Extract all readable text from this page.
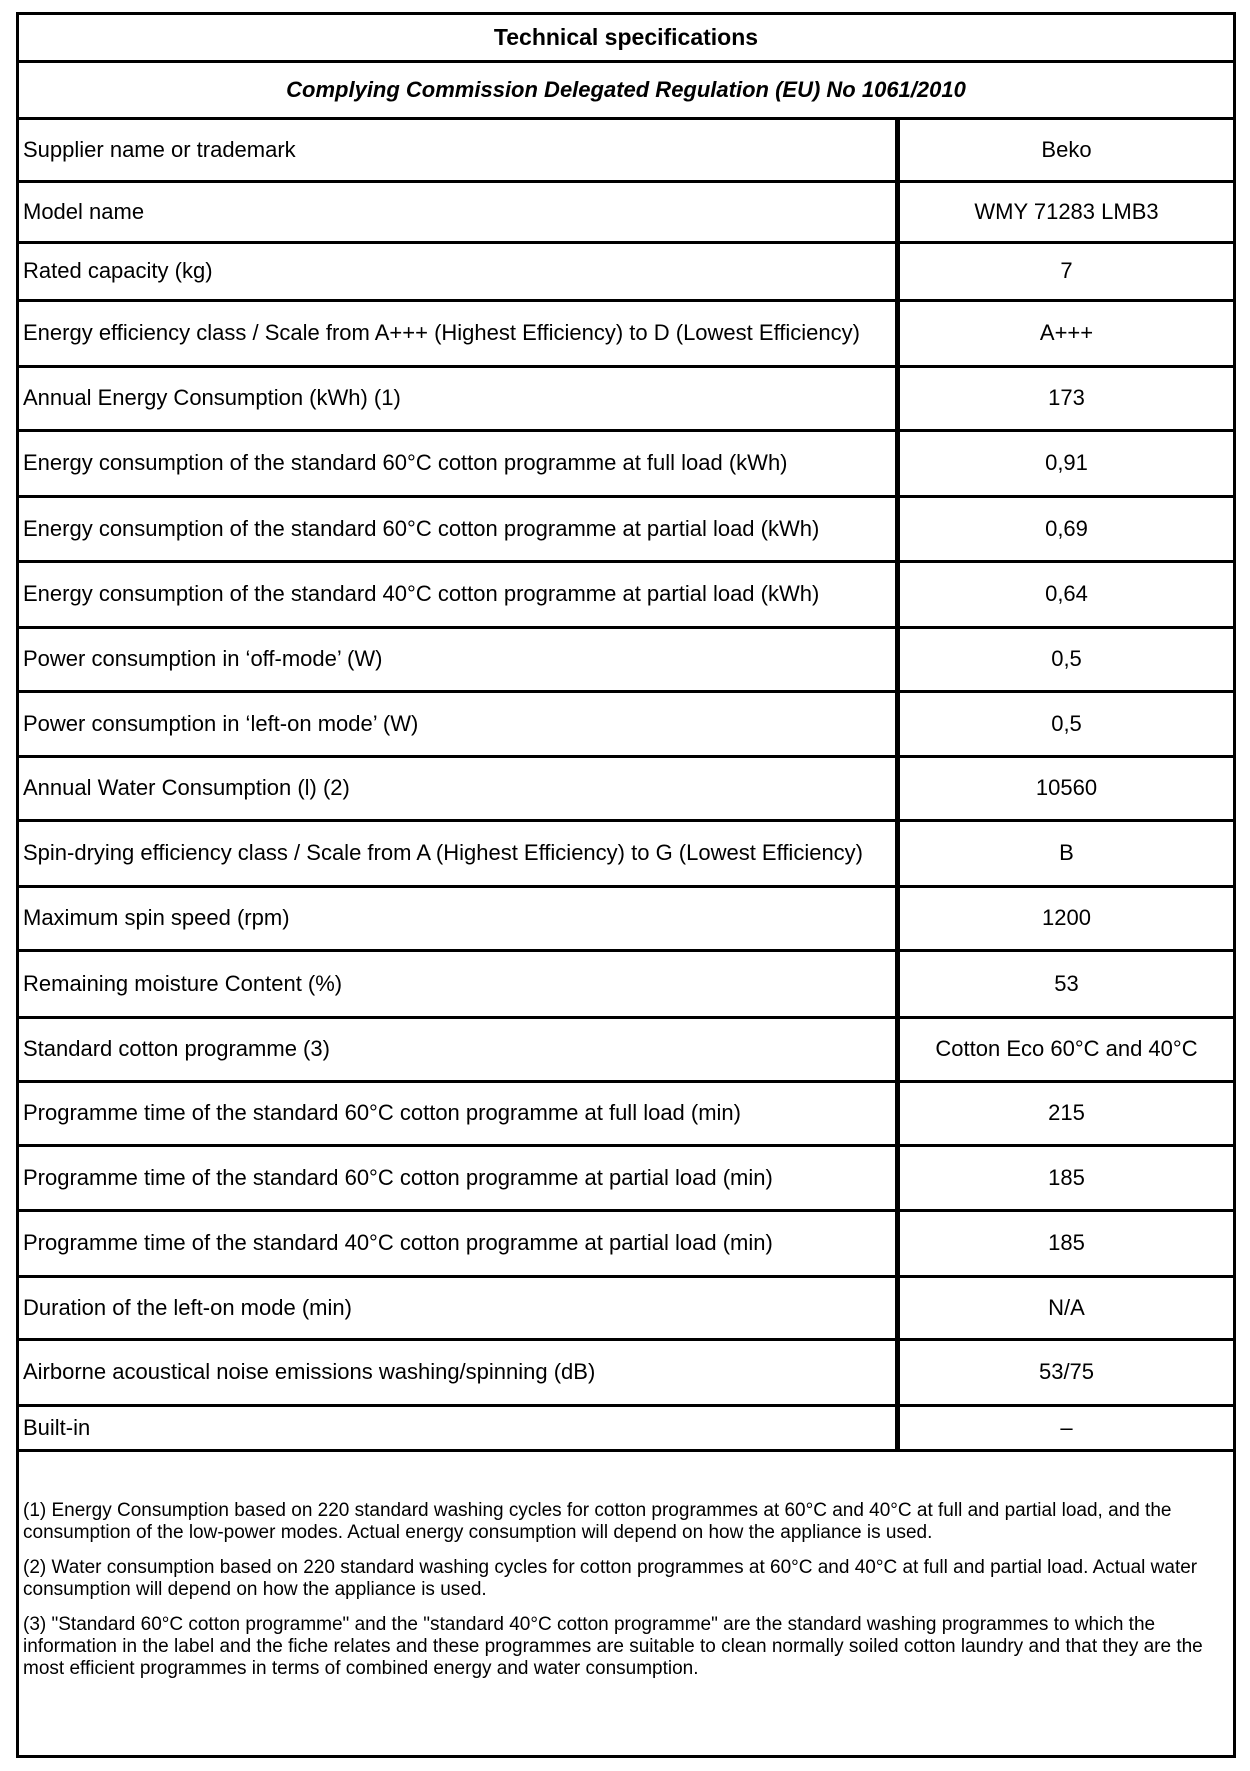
Technical specifications
Complying Commission Delegated Regulation (EU) No 1061/2010
Supplier name or trademark	Beko
Model name	WMY 71283 LMB3
Rated capacity (kg)	7
Energy efficiency class / Scale from A+++ (Highest Efficiency) to D (Lowest Efficiency)	A+++
Annual Energy Consumption (kWh) (1)	173
Energy consumption of the standard 60°C cotton programme at full load (kWh)	0,91
Energy consumption of the standard 60°C cotton programme at partial load (kWh)	0,69
Energy consumption of the standard 40°C cotton programme at partial load (kWh)	0,64
Power consumption in ‘off-mode’ (W)	0,5
Power consumption in ‘left-on mode’ (W)	0,5
Annual Water Consumption (l) (2)	10560
Spin-drying efficiency class / Scale from A (Highest Efficiency) to G (Lowest Efficiency)	B
Maximum spin speed (rpm)	1200
Remaining moisture Content (%)	53
Standard cotton programme (3)	Cotton Eco 60°C and 40°C
Programme time of the standard 60°C cotton programme at full load (min)	215
Programme time of the standard 60°C cotton programme at partial load (min)	185
Programme time of the standard 40°C cotton programme at partial load (min)	185
Duration of the left-on mode (min)	N/A
Airborne acoustical noise emissions washing/spinning (dB)	53/75
Built-in	–

(1) Energy Consumption based on 220 standard washing cycles for cotton programmes at 60°C and 40°C at full and partial load, and the consumption of the low-power modes. Actual energy consumption will depend on how the appliance is used.

(2) Water consumption based on 220 standard washing cycles for cotton programmes at 60°C and 40°C at full and partial load. Actual water consumption will depend on how the appliance is used.

(3) "Standard 60°C cotton programme" and the "standard 40°C cotton programme" are the standard washing programmes to which the information in the label and the fiche relates and these programmes are suitable to clean normally soiled cotton laundry and that they are the most efficient programmes in terms of combined energy and water consumption.
